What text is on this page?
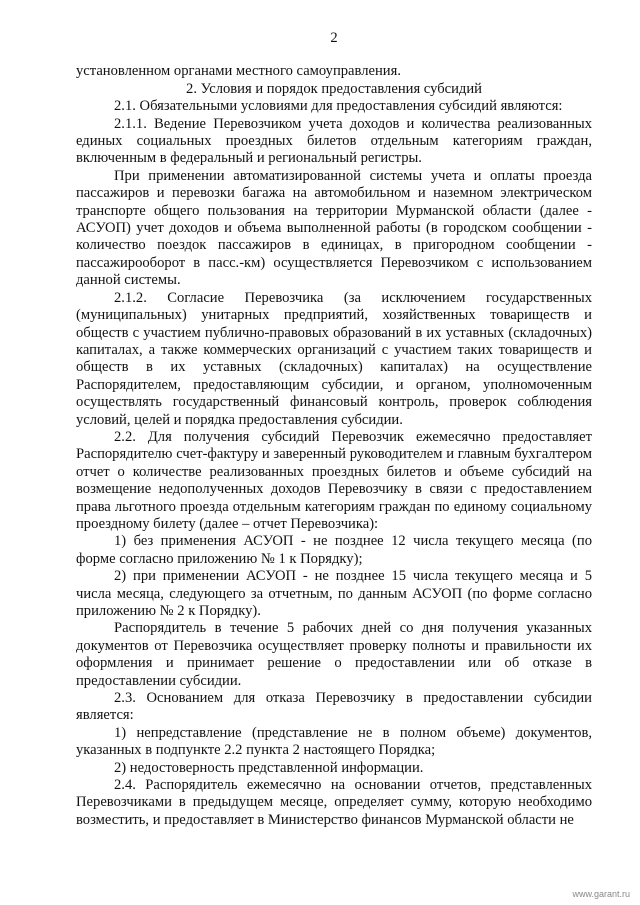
2

установленном органами местного самоуправления.

2. Условия и порядок предоставления субсидий

2.1. Обязательными условиями для предоставления субсидий являются:

2.1.1. Ведение Перевозчиком учета доходов и количества реализованных единых социальных проездных билетов отдельным категориям граждан, включенным в федеральный и региональный регистры.

При применении автоматизированной системы учета и оплаты проезда пассажиров и перевозки багажа на автомобильном и наземном электрическом транспорте общего пользования на территории Мурманской области (далее - АСУОП) учет доходов и объема выполненной работы (в городском сообщении - количество поездок пассажиров в единицах, в пригородном сообщении - пассажирооборот в пасс.-км) осуществляется Перевозчиком с использованием данной системы.

2.1.2. Согласие Перевозчика (за исключением государственных (муниципальных) унитарных предприятий, хозяйственных товариществ и обществ с участием публично-правовых образований в их уставных (складочных) капиталах, а также коммерческих организаций с участием таких товариществ и обществ в их уставных (складочных) капиталах) на осуществление Распорядителем, предоставляющим субсидии, и органом, уполномоченным осуществлять государственный финансовый контроль, проверок соблюдения условий, целей и порядка предоставления субсидии.

2.2. Для получения субсидий Перевозчик ежемесячно предоставляет Распорядителю счет-фактуру и заверенный руководителем и главным бухгалтером отчет о количестве реализованных проездных билетов и объеме субсидий на возмещение недополученных доходов Перевозчику в связи с предоставлением права льготного проезда отдельным категориям граждан по единому социальному проездному билету (далее – отчет Перевозчика):

1) без применения АСУОП - не позднее 12 числа текущего месяца (по форме согласно приложению № 1 к Порядку);

2) при применении АСУОП - не позднее 15 числа текущего месяца и 5 числа месяца, следующего за отчетным, по данным АСУОП (по форме согласно приложению № 2 к Порядку).

Распорядитель в течение 5 рабочих дней со дня получения указанных документов от Перевозчика осуществляет проверку полноты и правильности их оформления и принимает решение о предоставлении или об отказе в предоставлении субсидии.

2.3. Основанием для отказа Перевозчику в предоставлении субсидии является:

1) непредставление (представление не в полном объеме) документов, указанных в подпункте 2.2 пункта 2 настоящего Порядка;

2) недостоверность представленной информации.

2.4. Распорядитель ежемесячно на основании отчетов, представленных Перевозчиками в предыдущем месяце, определяет сумму, которую необходимо возместить, и предоставляет в Министерство финансов Мурманской области не

www.garant.ru
